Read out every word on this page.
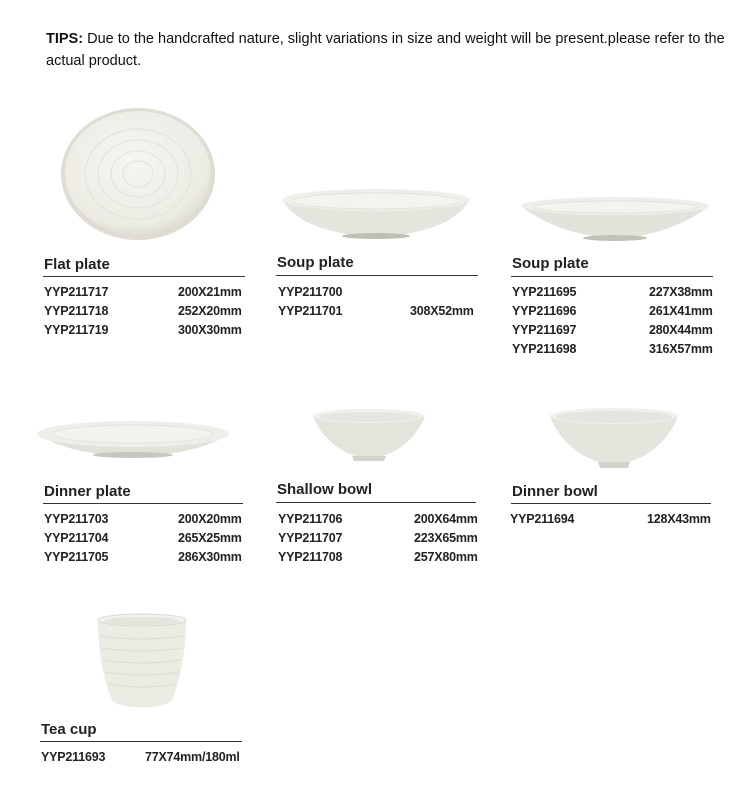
TIPS: Due to the handcrafted nature, slight variations in size and weight will be present.please refer to the actual product.
Flat plate
YYP211717	200X21mm
YYP211718	252X20mm
YYP211719	300X30mm
Soup plate
YYP211700
YYP211701	308X52mm
Soup plate
YYP211695	227X38mm
YYP211696	261X41mm
YYP211697	280X44mm
YYP211698	316X57mm
Dinner plate
YYP211703	200X20mm
YYP211704	265X25mm
YYP211705	286X30mm
Shallow bowl
YYP211706	200X64mm
YYP211707	223X65mm
YYP211708	257X80mm
Dinner bowl
YYP211694	128X43mm
Tea cup
YYP211693	77X74mm/180ml
